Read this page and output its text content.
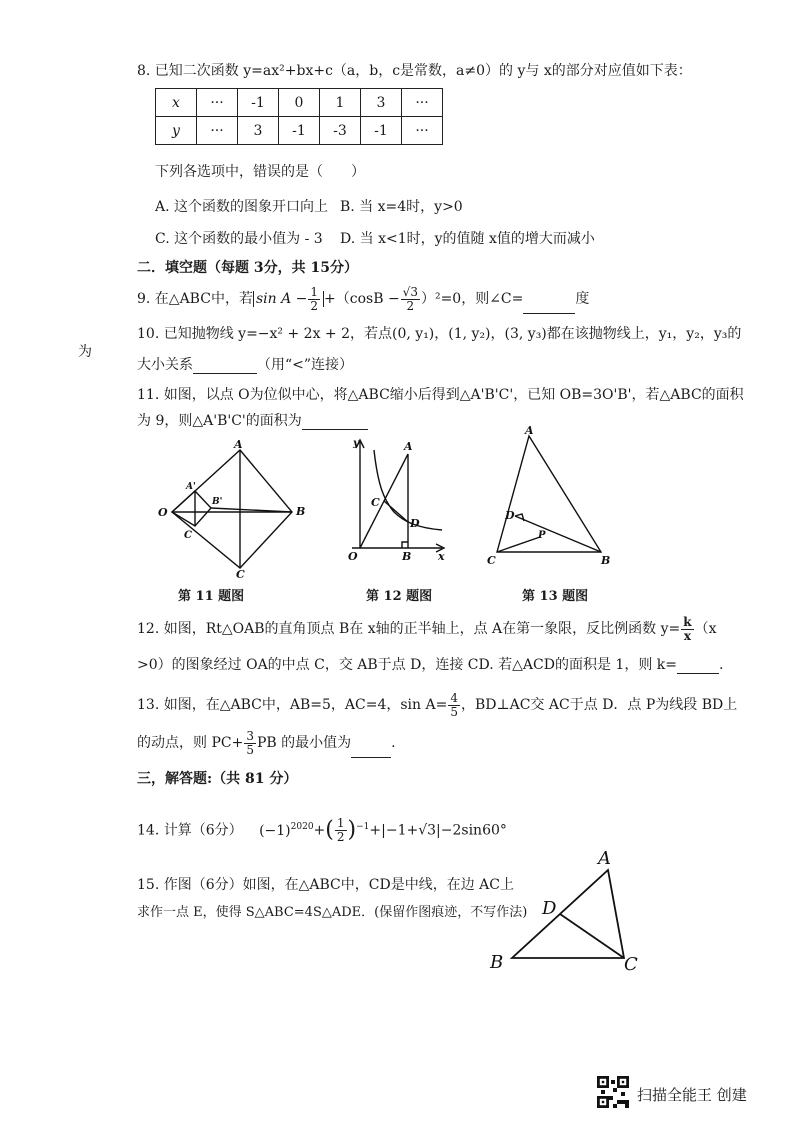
8. 已知二次函数 y=ax²+bx+c（a，b，c是常数，a≠0）的 y与 x的部分对应值如下表：
x	···	-1	0	1	3	···
y	···	3	-1	-3	-1	···
下列各选项中，错误的是（　　）
A. 这个函数的图象开口向上 B. 当 x=4时，y>0
C. 这个函数的最小值为 - 3 D. 当 x<1时，y的值随 x值的增大而减小
二．填空题（每题 3分，共 15分）
9. 在△ABC中，若 $\sin A - \frac{1}{2} +(\cos B - \frac{√3}{2} )^2=0$，则∠C=	度
为
10. 已知抛物线 y=−x² + 2x + 2，若点(0, y₁)，(1, y₂)，(3, y₃)都在该抛物线上，y₁，y₂，y₃的
大小关系	（用“<”连接）
11. 如图，以点 O为位似中心，将△ABC缩小后得到△A'B'C'，已知 OB=3O'B'，若△ABC的面积
为 9，则△A'B'C'的面积为
A
A'
B'
B
O
C
C
第 11 题图
y	A
C
D
O	B x
第 12 题图
A
D
P
C	B
第 13 题图
12. 如图，Rt△OAB的直角顶点 B在 x轴的正半轴上，点 A在第一象限，反比例函数 $y= \frac{k}{x} (x$
>0）的图象经过 OA的中点 C，交 AB于点 D，连接 CD. 若△ACD的面积是 1，则 k=	.
13. 如图，在△ABC中，AB=5，AC=4，$\sin A= \frac{4}{5}$ ，BD⊥AC交 AC于点 D．点 P为线段 BD上
的动点，则 $PC+ \frac{3}{5}$ PB 的最小值为	.
三，解答题:（共 81 分）
14. 计算（6分） $(-1)^{2020}+( \frac{1}{2} )^{-1}+|-1+√3|-2\sin 60^\circ$
15. 作图（6分）如图，在△ABC中，CD是中线，在边 AC上
求作一点 E，使得 S△ABC=4S△ADE．(保留作图痕迹，不写作法)
A
D
B	C
扫描全能王 创建
